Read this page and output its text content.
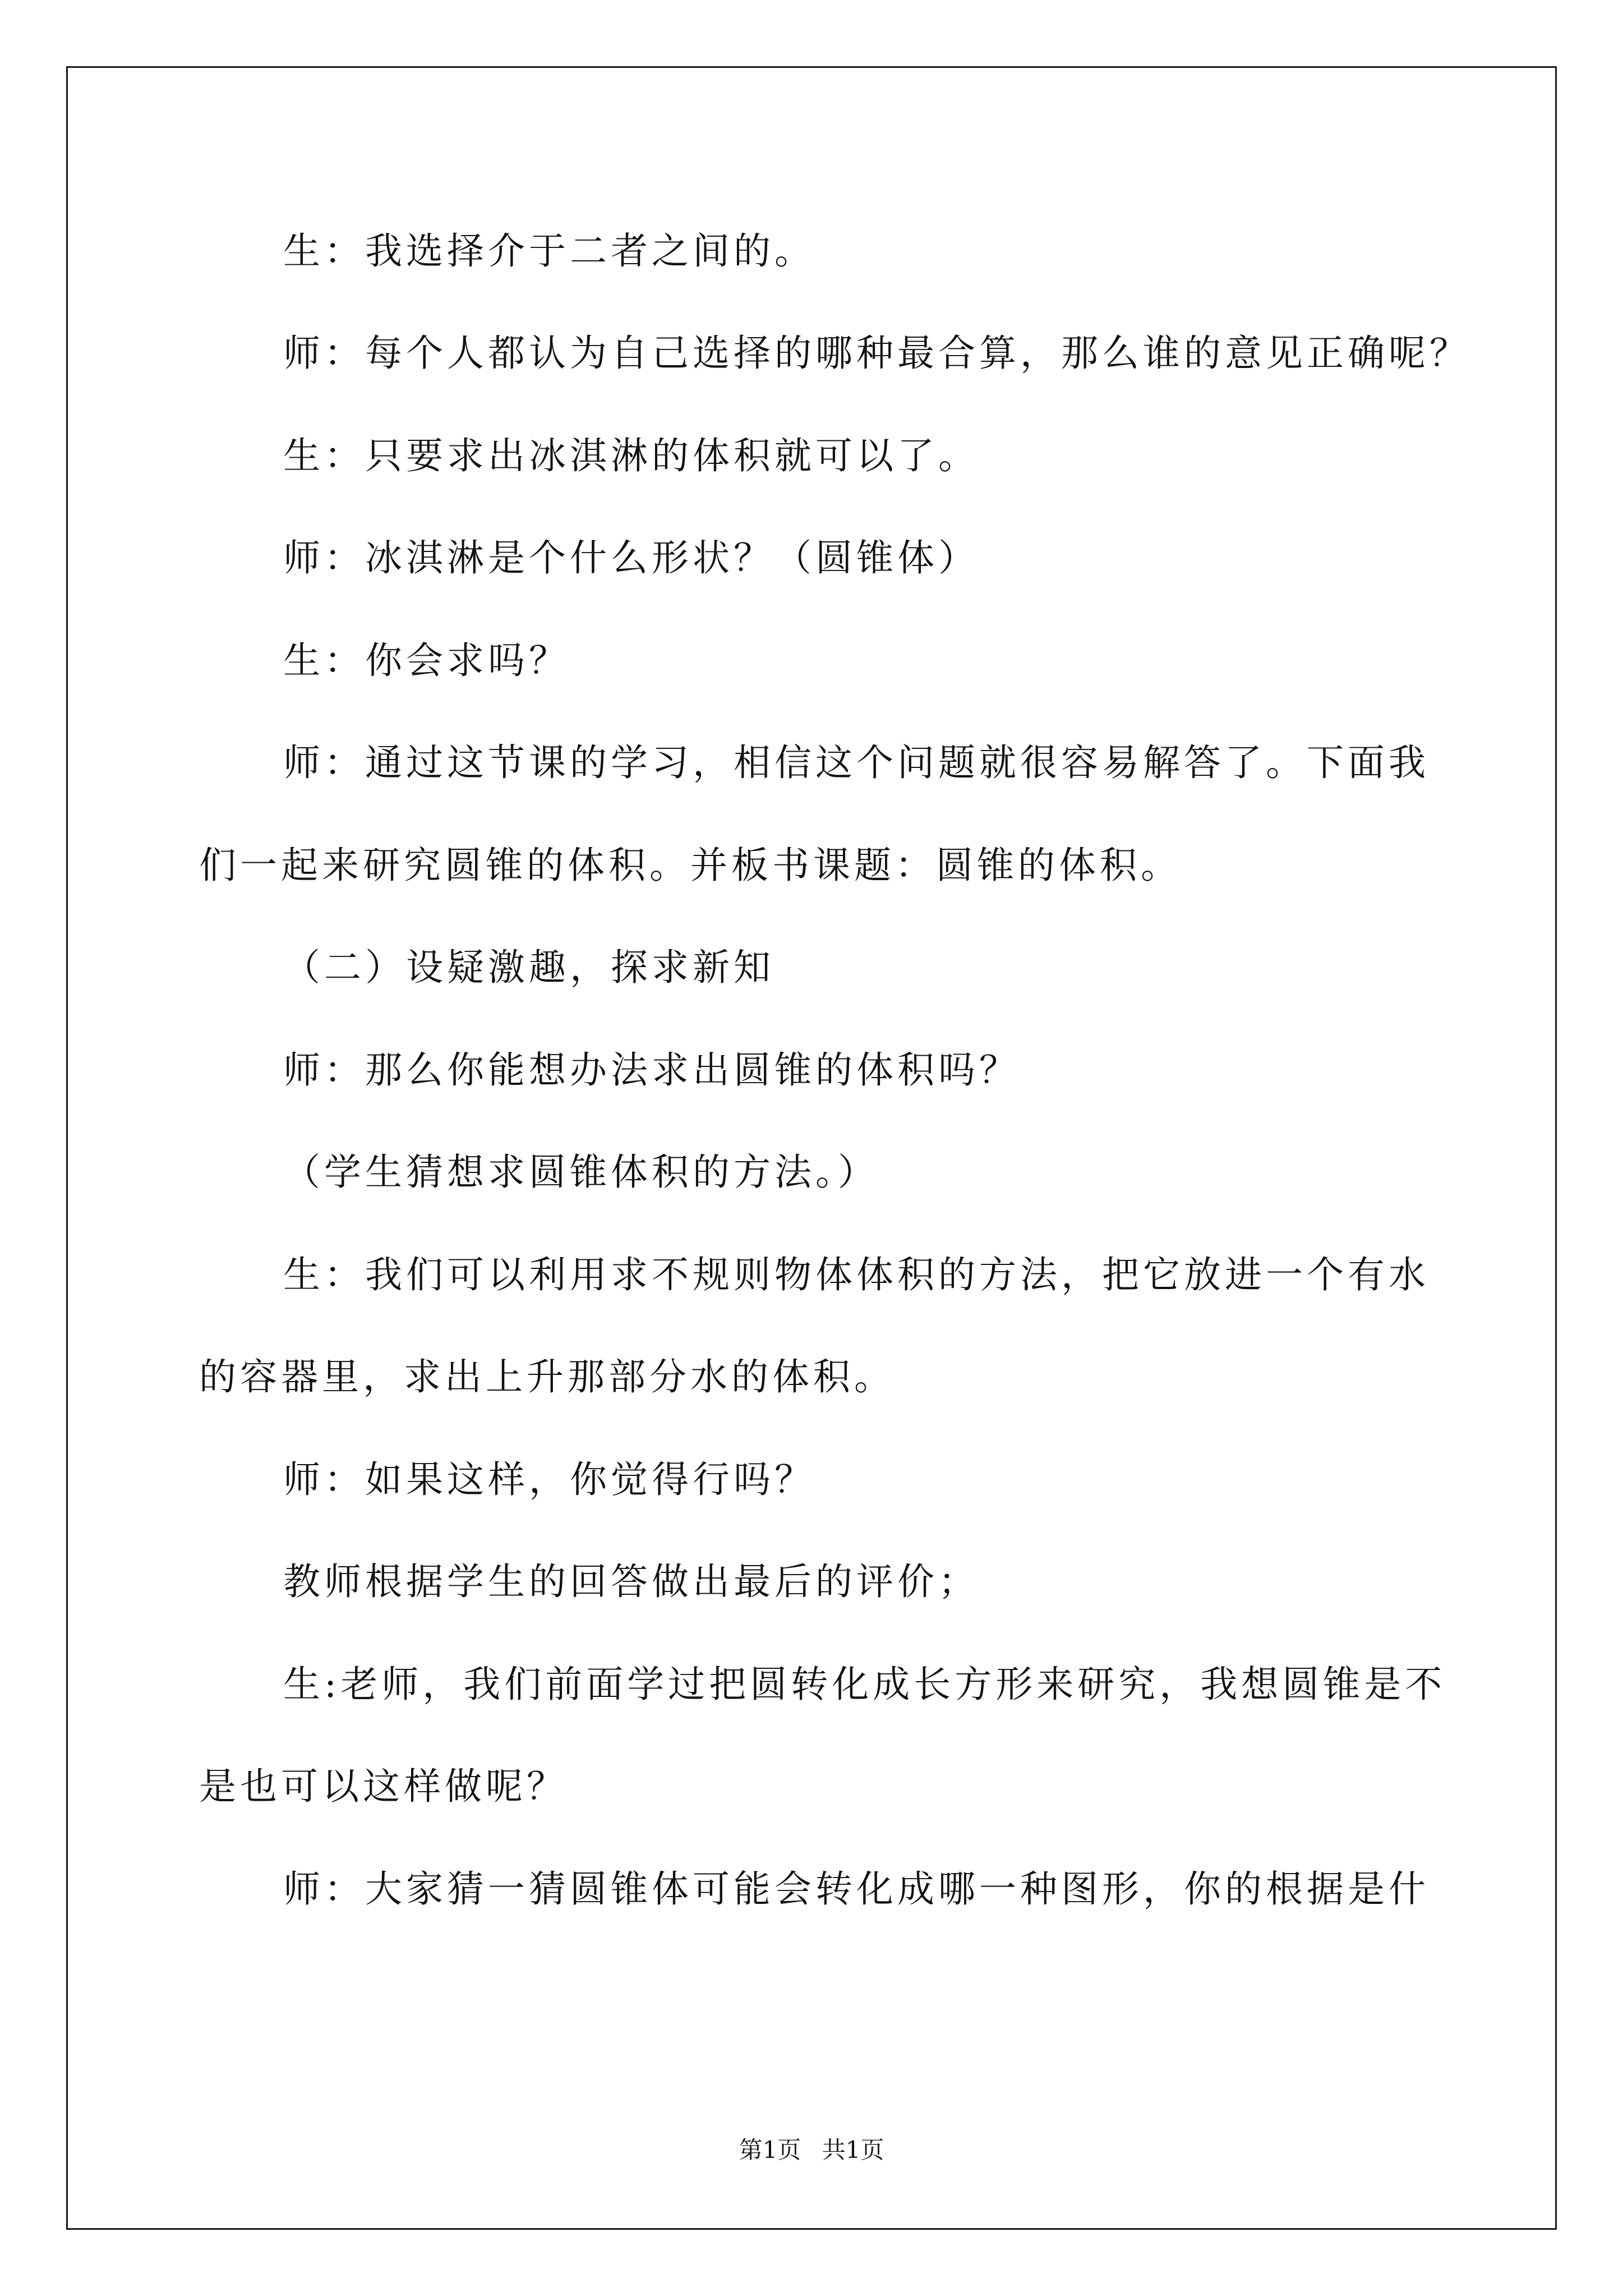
生：我选择介于二者之间的。
师：每个人都认为自己选择的哪种最合算，那么谁的意见正确呢？
生：只要求出冰淇淋的体积就可以了。
师：冰淇淋是个什么形状？（圆锥体）
生：你会求吗？
师：通过这节课的学习，相信这个问题就很容易解答了。下面我
们一起来研究圆锥的体积。并板书课题：圆锥的体积。
（二）设疑激趣，探求新知
师：那么你能想办法求出圆锥的体积吗？
（学生猜想求圆锥体积的方法。）
生：我们可以利用求不规则物体体积的方法，把它放进一个有水
的容器里，求出上升那部分水的体积。
师：如果这样，你觉得行吗？
教师根据学生的回答做出最后的评价；
生:老师，我们前面学过把圆转化成长方形来研究，我想圆锥是不
是也可以这样做呢？
师：大家猜一猜圆锥体可能会转化成哪一种图形，你的根据是什
第1页 共1页
